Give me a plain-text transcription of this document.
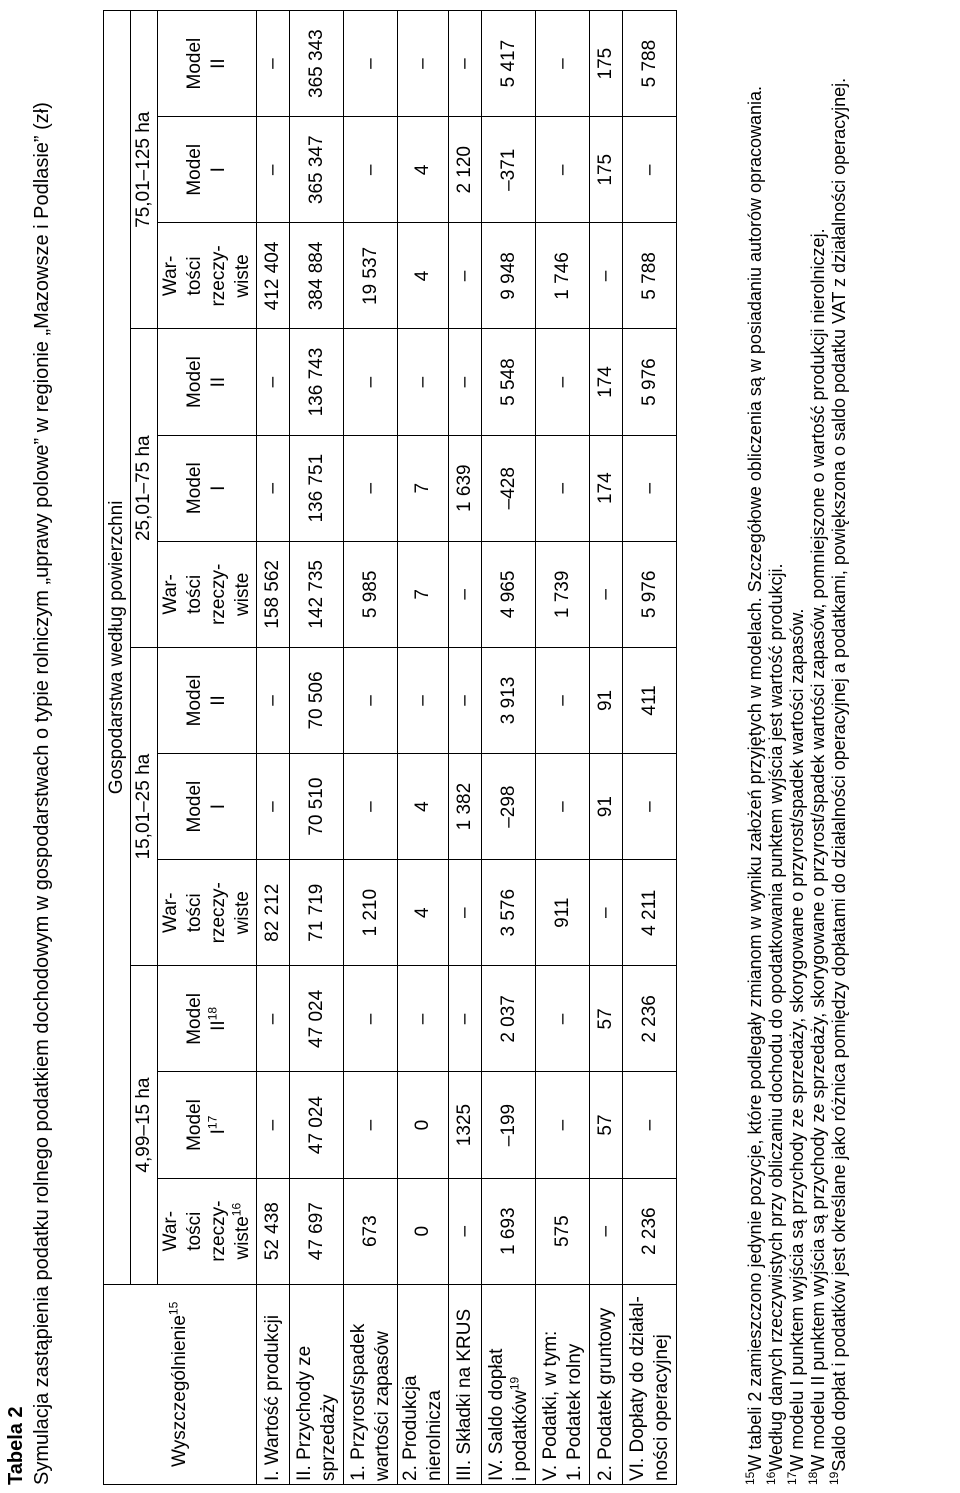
Tabela 2 Symulacja zastąpienia podatku rolnego podatkiem dochodowym w gospodarstwach o typie rolniczym „uprawy polowe” w regionie „Mazowsze i Podlasie” (zł)	Wyszczególnienie$^{15}$	Gospodarstwa według powierzchni											
	4,99–15 ha			15,01–25 ha			25,01–75 ha			75,01–125 ha		
	War- tości rzeczy- wiste$^{16}$	Model $I^{17}$	Model II$^{18}$	War- tości rzeczy- wiste	Model I	Model II	War- tości rzeczy- wiste	Model I	Model II	War- tości rzeczy- wiste	Model I	Model II
I. Wartość produkcji	52 438	–	–	82 212	–	–	158 562	–	–	412 404	–	–
II. Przychody ze sprzedaży	47 697	47 024	47 024	71 719	70 510	70 506	142 735	136 751	136 743	384 884	365 347	365 343
1. Przyrost/spadek wartości zapasów	673	–	–	1 210	–	–	5 985	–	–	19 537	–	–
2. Produkcja nierolnicza	0	0	–	4	4	–	7	7	–	4	4	–
III. Składki na KRUS	–	1325	–	–	1 382	–	–	1 639	–	–	2 120	–
IV. Saldo dopłat i podatków$^{19}$	1 693	–199	2 037	3 576	–298	3 913	4 965	–428	5 548	9 948	–371	5 417
V. Podatki, w tym: 1. Podatek rolny	575	–	–	911	–	–	1 739	–	–	1 746	–	–
2. Podatek gruntowy	–	57	57	–	91	91	–	174	174	–	175	175
VI. Dopłaty do działal- ności operacyjnej	2 236	–	2 236	4 211	–	411	5 976	–	5 976	5 788	–	5 788

$^{15}$W tabeli 2 zamieszczono jedynie pozycje, które podlegały zmianom w wyniku założeń przyjętych w modelach. Szczegółowe obliczenia są w posiadaniu autorów opracowania.

$^{16}$Według danych rzeczywistych przy obliczaniu dochodu do opodatkowania punktem wyjścia jest wartość produkcji.

$^{17}$W modelu I punktem wyjścia są przychody ze sprzedaży, skorygowane o przyrost/spadek wartości zapasów.

$^{18}$W modelu II punktem wyjścia są przychody ze sprzedaży, skorygowane o przyrost/spadek wartości zapasów, pomniejszone o wartość produkcji nierolniczej.

$^{19}$Saldo dopłat i podatków jest określane jako różnica pomiędzy dopłatami do działalności operacyjnej a podatkami, powiększona o saldo podatku VAT z działalności operacyjnej.
